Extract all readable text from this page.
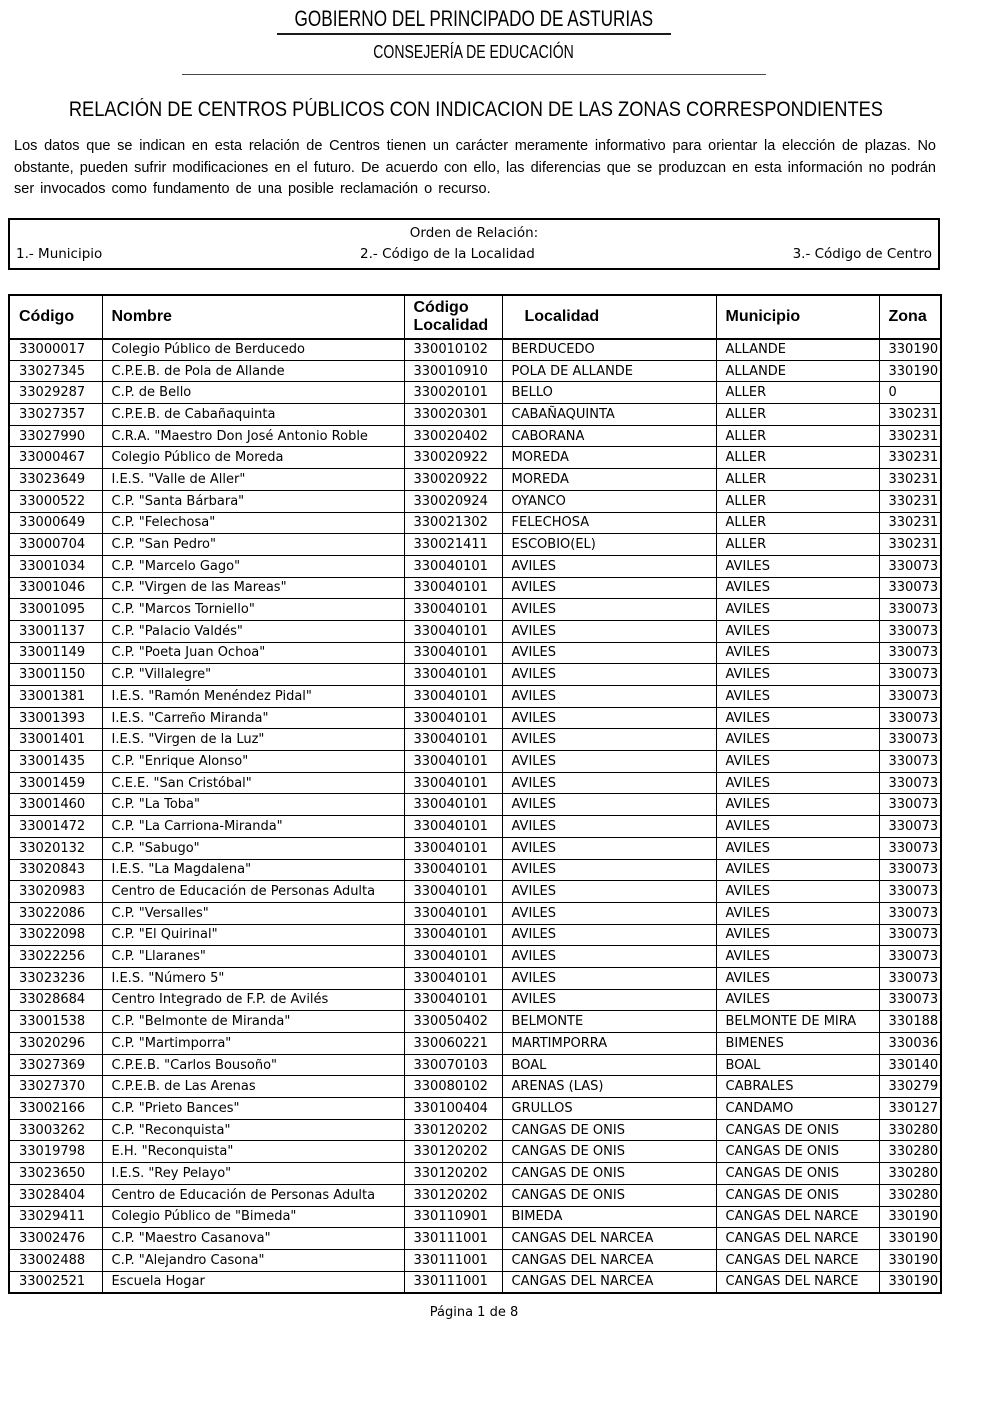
GOBIERNO DEL PRINCIPADO DE ASTURIAS
CONSEJERÍA DE EDUCACIÓN
RELACIÓN DE CENTROS PÚBLICOS CON INDICACION DE LAS ZONAS CORRESPONDIENTES

Los datos que se indican en esta relación de Centros tienen un carácter meramente informativo para orientar la elección de plazas. No obstante, pueden sufrir modificaciones en el futuro. De acuerdo con ello, las diferencias que se produzcan en esta información no podrán ser invocados como fundamento de una posible reclamación o recurso.

Orden de Relación:
1.- Municipio	2.- Código de la Localidad	3.- Código de Centro
Código	Nombre	Código Localidad	Localidad	Municipio	Zona
33000017	Colegio Público de Berducedo	330010102	BERDUCEDO	ALLANDE	330190
33027345	C.P.E.B. de Pola de Allande	330010910	POLA DE ALLANDE	ALLANDE	330190
33029287	C.P. de Bello	330020101	BELLO	ALLER	0
33027357	C.P.E.B. de Cabañaquinta	330020301	CABAÑAQUINTA	ALLER	330231
33027990	C.R.A. "Maestro Don José Antonio Roble	330020402	CABORANA	ALLER	330231
33000467	Colegio Público de Moreda	330020922	MOREDA	ALLER	330231
33023649	I.E.S. "Valle de Aller"	330020922	MOREDA	ALLER	330231
33000522	C.P. "Santa Bárbara"	330020924	OYANCO	ALLER	330231
33000649	C.P. "Felechosa"	330021302	FELECHOSA	ALLER	330231
33000704	C.P. "San Pedro"	330021411	ESCOBIO(EL)	ALLER	330231
33001034	C.P. "Marcelo Gago"	330040101	AVILES	AVILES	330073
33001046	C.P. "Virgen de las Mareas"	330040101	AVILES	AVILES	330073
33001095	C.P. "Marcos Torniello"	330040101	AVILES	AVILES	330073
33001137	C.P. "Palacio Valdés"	330040101	AVILES	AVILES	330073
33001149	C.P. "Poeta Juan Ochoa"	330040101	AVILES	AVILES	330073
33001150	C.P. "Villalegre"	330040101	AVILES	AVILES	330073
33001381	I.E.S. "Ramón Menéndez Pidal"	330040101	AVILES	AVILES	330073
33001393	I.E.S. "Carreño Miranda"	330040101	AVILES	AVILES	330073
33001401	I.E.S. "Virgen de la Luz"	330040101	AVILES	AVILES	330073
33001435	C.P. "Enrique Alonso"	330040101	AVILES	AVILES	330073
33001459	C.E.E. "San Cristóbal"	330040101	AVILES	AVILES	330073
33001460	C.P. "La Toba"	330040101	AVILES	AVILES	330073
33001472	C.P. "La Carriona-Miranda"	330040101	AVILES	AVILES	330073
33020132	C.P. "Sabugo"	330040101	AVILES	AVILES	330073
33020843	I.E.S. "La Magdalena"	330040101	AVILES	AVILES	330073
33020983	Centro de Educación de Personas Adulta	330040101	AVILES	AVILES	330073
33022086	C.P. "Versalles"	330040101	AVILES	AVILES	330073
33022098	C.P. "El Quirinal"	330040101	AVILES	AVILES	330073
33022256	C.P. "Llaranes"	330040101	AVILES	AVILES	330073
33023236	I.E.S. "Número 5"	330040101	AVILES	AVILES	330073
33028684	Centro Integrado de F.P. de Avilés	330040101	AVILES	AVILES	330073
33001538	C.P. "Belmonte de Miranda"	330050402	BELMONTE	BELMONTE DE MIRA	330188
33020296	C.P. "Martimporra"	330060221	MARTIMPORRA	BIMENES	330036
33027369	C.P.E.B. "Carlos Bousoño"	330070103	BOAL	BOAL	330140
33027370	C.P.E.B. de Las Arenas	330080102	ARENAS (LAS)	CABRALES	330279
33002166	C.P. "Prieto Bances"	330100404	GRULLOS	CANDAMO	330127
33003262	C.P. "Reconquista"	330120202	CANGAS DE ONIS	CANGAS DE ONIS	330280
33019798	E.H. "Reconquista"	330120202	CANGAS DE ONIS	CANGAS DE ONIS	330280
33023650	I.E.S. "Rey Pelayo"	330120202	CANGAS DE ONIS	CANGAS DE ONIS	330280
33028404	Centro de Educación de Personas Adulta	330120202	CANGAS DE ONIS	CANGAS DE ONIS	330280
33029411	Colegio Público de "Bimeda"	330110901	BIMEDA	CANGAS DEL NARCE	330190
33002476	C.P. "Maestro Casanova"	330111001	CANGAS DEL NARCEA	CANGAS DEL NARCE	330190
33002488	C.P. "Alejandro Casona"	330111001	CANGAS DEL NARCEA	CANGAS DEL NARCE	330190
33002521	Escuela Hogar	330111001	CANGAS DEL NARCEA	CANGAS DEL NARCE	330190
Página 1 de 8
